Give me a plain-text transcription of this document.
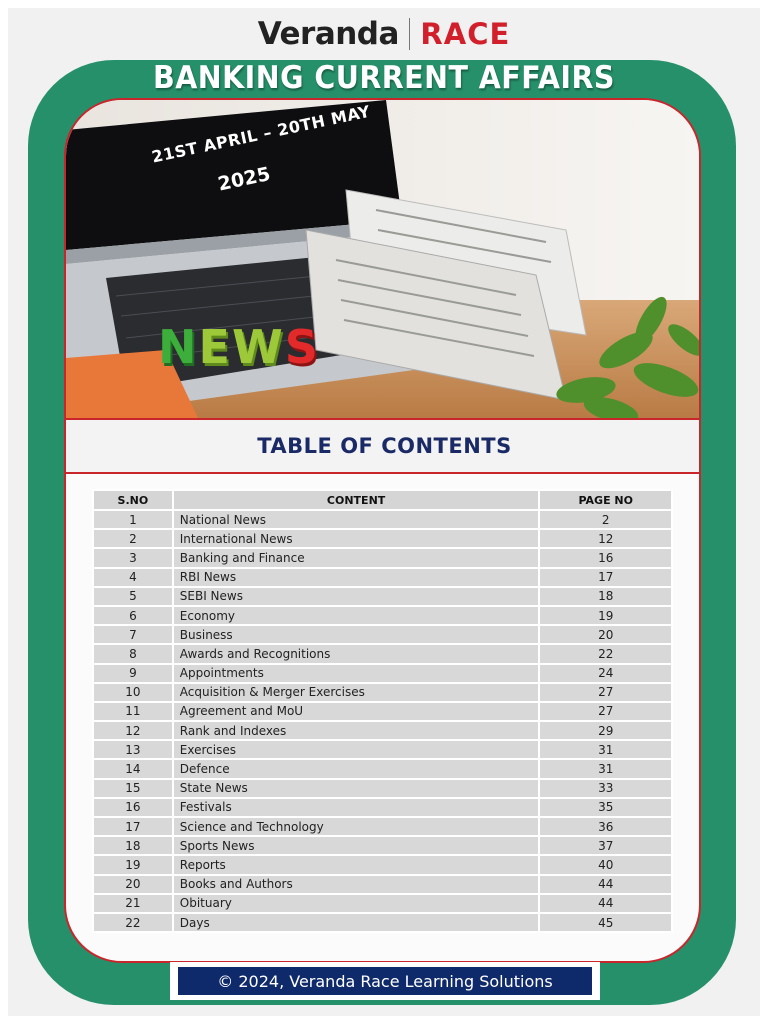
Veranda RACE
BANKING CURRENT AFFAIRS
N E W S
21ST APRIL – 20TH MAY
2025
TABLE OF CONTENTS
S.NO	CONTENT	PAGE NO
1	National News	2
2	International News	12
3	Banking and Finance	16
4	RBI News	17
5	SEBI News	18
6	Economy	19
7	Business	20
8	Awards and Recognitions	22
9	Appointments	24
10	Acquisition & Merger Exercises	27
11	Agreement and MoU	27
12	Rank and Indexes	29
13	Exercises	31
14	Defence	31
15	State News	33
16	Festivals	35
17	Science and Technology	36
18	Sports News	37
19	Reports	40
20	Books and Authors	44
21	Obituary	44
22	Days	45
© 2024, Veranda Race Learning Solutions
